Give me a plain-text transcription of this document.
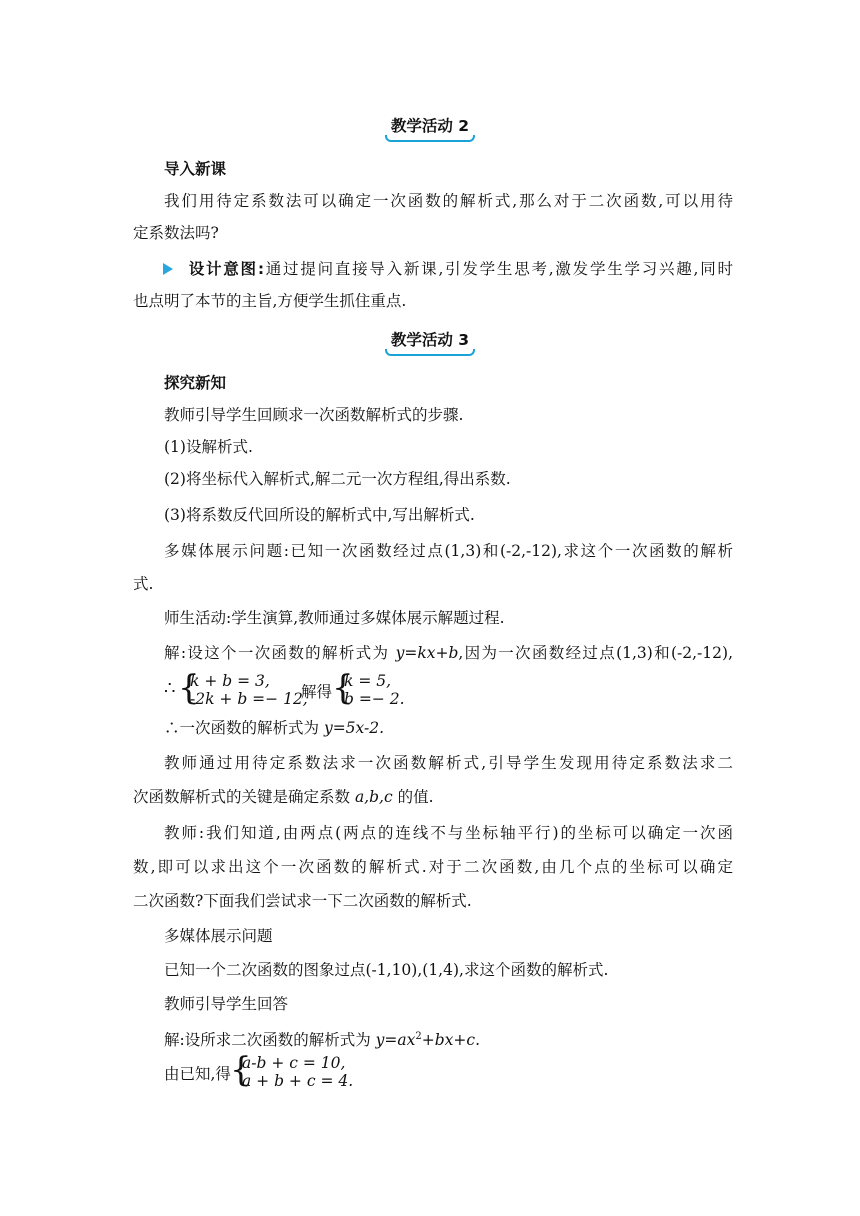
教学活动 2
导入新课
我们用待定系数法可以确定一次函数的解析式,那么对于二次函数,可以用待
定系数法吗?
设计意图:通过提问直接导入新课,引发学生思考,激发学生学习兴趣,同时
也点明了本节的主旨,方便学生抓住重点.
教学活动 3
探究新知
教师引导学生回顾求一次函数解析式的步骤.
(1)设解析式.
(2)将坐标代入解析式,解二元一次方程组,得出系数.
(3)将系数反代回所设的解析式中,写出解析式.
多媒体展示问题:已知一次函数经过点(1,3)和(-2,-12),求这个一次函数的解析
式.
师生活动:学生演算,教师通过多媒体展示解题过程.
解:设这个一次函数的解析式为 y=kx+b,因为一次函数经过点(1,3)和(-2,-12),
∴ {
k + b = 3,
-2k + b =− 12,
解得 {
k = 5,
b =− 2.
∴一次函数的解析式为 y=5x-2.
教师通过用待定系数法求一次函数解析式,引导学生发现用待定系数法求二
次函数解析式的关键是确定系数 a,b,c 的值.
教师:我们知道,由两点(两点的连线不与坐标轴平行)的坐标可以确定一次函
数,即可以求出这个一次函数的解析式.对于二次函数,由几个点的坐标可以确定
二次函数?下面我们尝试求一下二次函数的解析式.
多媒体展示问题
已知一个二次函数的图象过点(-1,10),(1,4),求这个函数的解析式.
教师引导学生回答
解:设所求二次函数的解析式为 $y=ax^2+bx+c$.
由已知,得 {
a-b + c = 10,
a + b + c = 4.
